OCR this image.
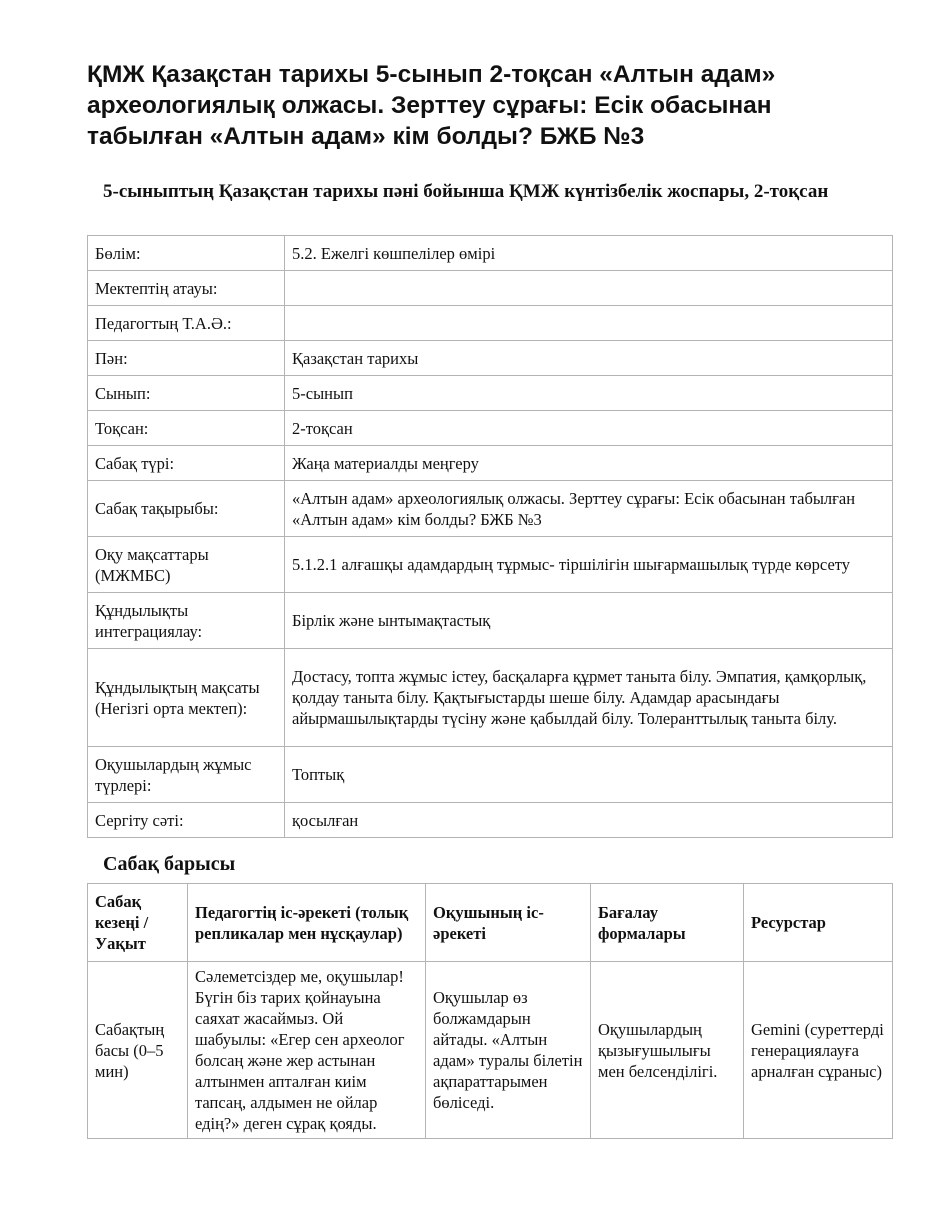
ҚМЖ Қазақстан тарихы 5-сынып 2-тоқсан «Алтын адам» археологиялық олжасы. Зерттеу сұрағы: Есік обасынан табылған «Алтын адам» кім болды? БЖБ №3
5-сыныптың Қазақстан тарихы пәні бойынша ҚМЖ күнтізбелік жоспары, 2-тоқсан
Бөлім:	5.2. Ежелгі көшпелілер өмірі
Мектептің атауы:	
Педагогтың Т.А.Ә.:	
Пән:	Қазақстан тарихы
Сынып:	5-сынып
Тоқсан:	2-тоқсан
Сабақ түрі:	Жаңа материалды меңгеру
Сабақ тақырыбы:	«Алтын адам» археологиялық олжасы. Зерттеу сұрағы: Есік обасынан табылған «Алтын адам» кім болды? БЖБ №3
Оқу мақсаттары (МЖМБС)	5.1.2.1 алғашқы адамдардың тұрмыс- тіршілігін шығармашылық түрде көрсету
Құндылықты интеграциялау:	Бірлік және ынтымақтастық
Құндылықтың мақсаты (Негізгі орта мектеп):	Достасу, топта жұмыс істеу, басқаларға құрмет таныта білу. Эмпатия, қамқорлық, қолдау таныта білу. Қақтығыстарды шеше білу. Адамдар арасындағы айырмашылықтарды түсіну және қабылдай білу. Толеранттылық таныта білу.
Оқушылардың жұмыс түрлері:	Топтық
Сергіту сәті:	қосылған
Сабақ барысы
Сабақ кезеңі / Уақыт	Педагогтің іс-әрекеті (толық репликалар мен нұсқаулар)	Оқушының іс-әрекеті	Бағалау формалары	Ресурстар
Сабақтың басы (0–5 мин)	Сәлеметсіздер ме, оқушылар! Бүгін біз тарих қойнауына саяхат жасаймыз. Ой шабуылы: «Егер сен археолог болсаң және жер астынан алтынмен апталған киім тапсаң, алдымен не ойлар едің?» деген сұрақ қояды.	Оқушылар өз болжамдарын айтады. «Алтын адам» туралы білетін ақпараттарымен бөліседі.	Оқушылардың қызығушылығы мен белсенділігі.	Gemini (суреттерді генерациялауға арналған сұраныс)
